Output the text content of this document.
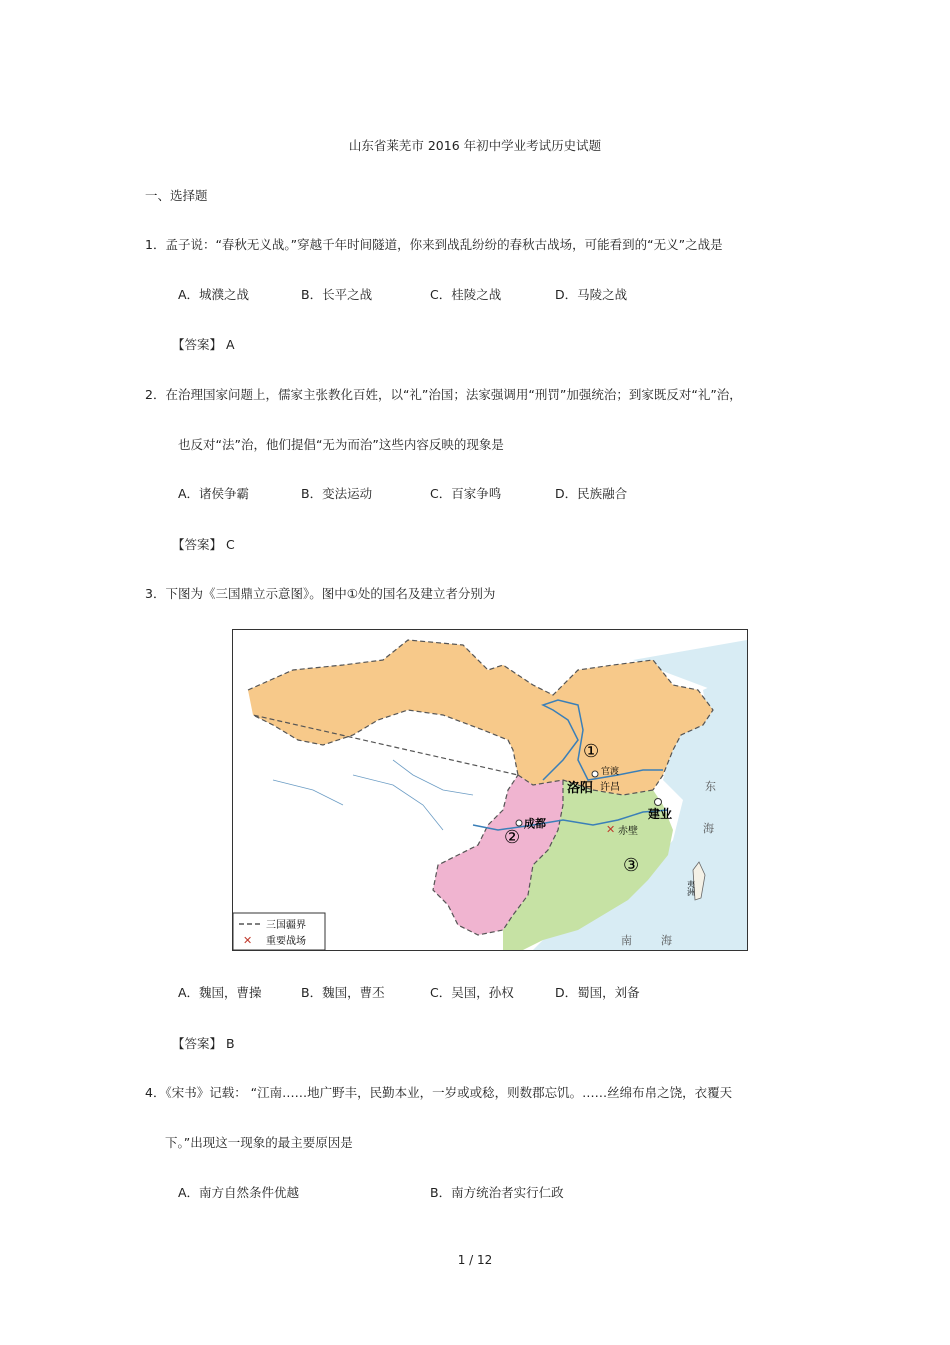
山东省莱芜市 2016 年初中学业考试历史试题
一、选择题
1．孟子说：“春秋无义战。”穿越千年时间隧道，你来到战乱纷纷的春秋古战场，可能看到的“无义”之战是
A．城濮之战	B．长平之战	C．桂陵之战	D．马陵之战
【答案】 A
2．在治理国家问题上，儒家主张教化百姓，以“礼”治国；法家强调用“刑罚”加强统治；到家既反对“礼”治，
也反对“法”治，他们提倡“无为而治”这些内容反映的现象是
A．诸侯争霸	B．变法运动	C．百家争鸣	D．民族融合
【答案】 C
3．下图为《三国鼎立示意图》。图中①处的国名及建立者分别为
①
②
③
官渡
洛阳 许昌
成都
建业
✕ 赤壁
东
海
南	海
夷洲
三国疆界
✕ 重要战场
A．魏国，曹操	B．魏国，曹丕	C．吴国，孙权	D．蜀国，刘备
【答案】 B
4．《宋书》记载： “江南……地广野丰，民勤本业，一岁或或稔，则数郡忘饥。……丝绵布帛之饶，衣覆天
下。”出现这一现象的最主要原因是
A．南方自然条件优越	B．南方统治者实行仁政
1 / 12
